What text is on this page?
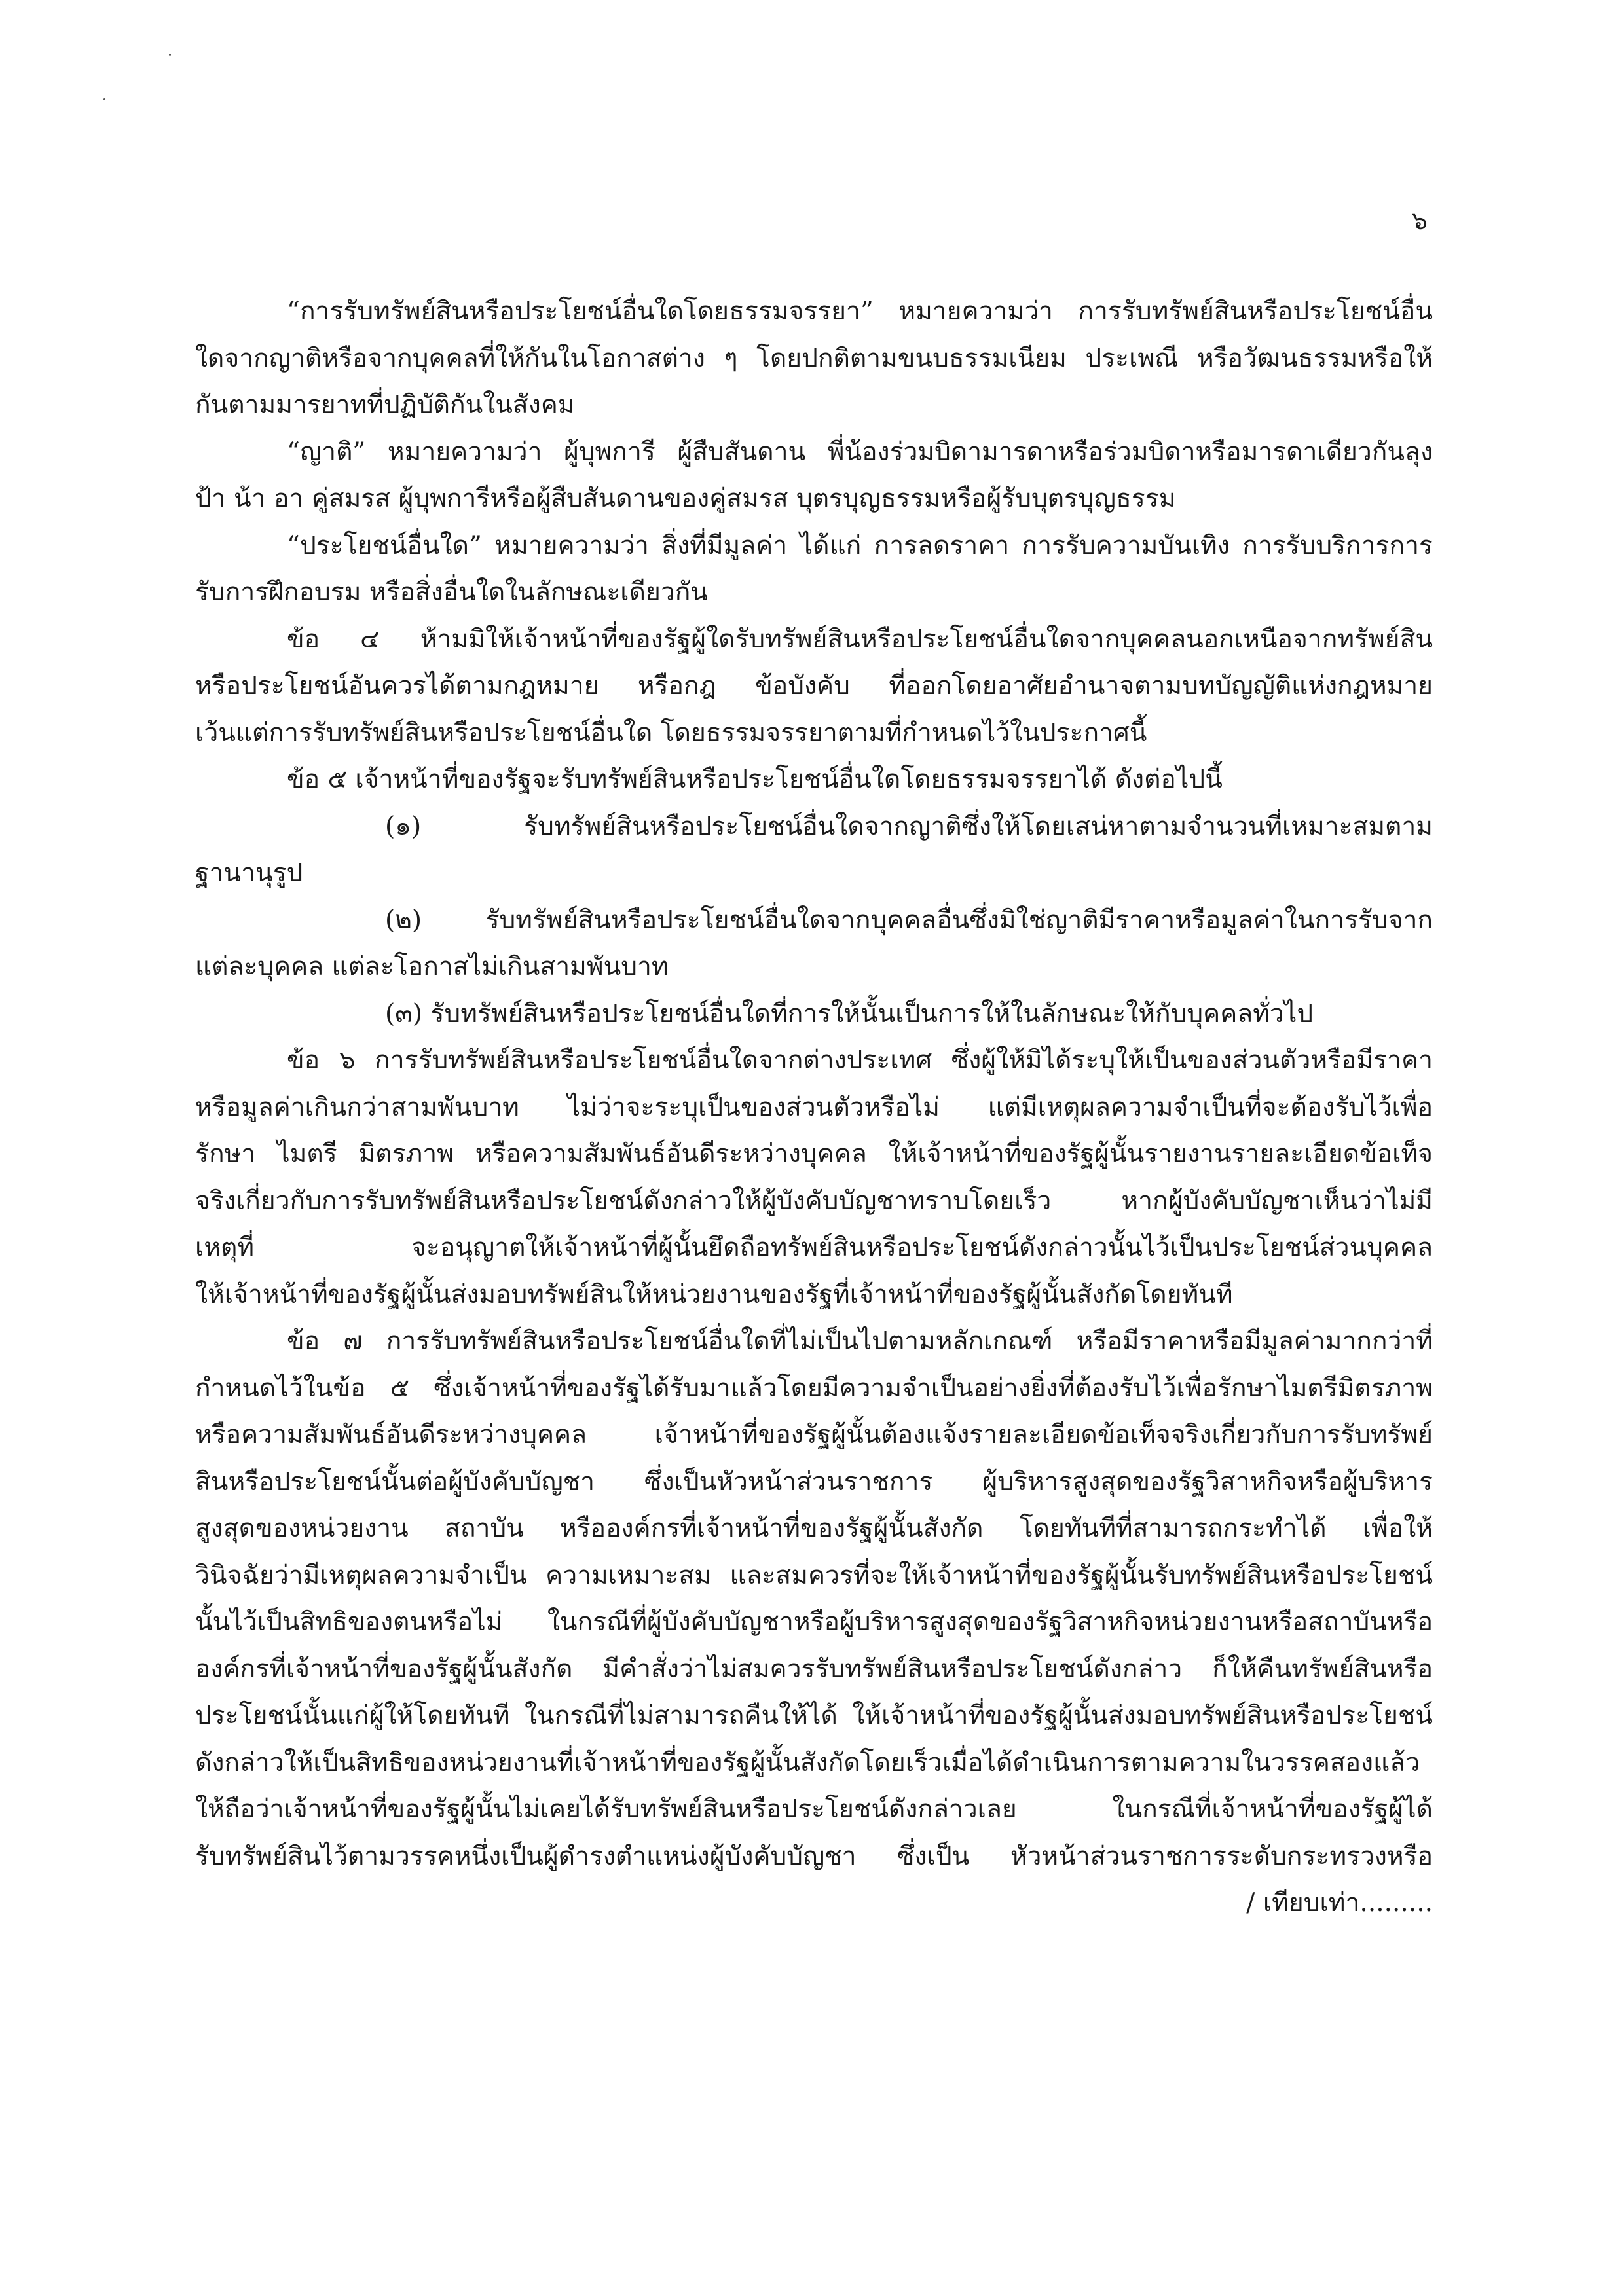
๖
“การรับทรัพย์สินหรือประโยชน์อื่นใดโดยธรรมจรรยา” หมายความว่า การรับทรัพย์สินหรือประโยชน์อื่น
ใดจากญาติหรือจากบุคคลที่ให้กันในโอกาสต่าง ๆ โดยปกติตามขนบธรรมเนียม ประเพณี หรือวัฒนธรรมหรือให้
กันตามมารยาทที่ปฏิบัติกันในสังคม
“ญาติ” หมายความว่า ผู้บุพการี ผู้สืบสันดาน พี่น้องร่วมบิดามารดาหรือร่วมบิดาหรือมารดาเดียวกันลุง
ป้า น้า อา คู่สมรส ผู้บุพการีหรือผู้สืบสันดานของคู่สมรส บุตรบุญธรรมหรือผู้รับบุตรบุญธรรม
“ประโยชน์อื่นใด” หมายความว่า สิ่งที่มีมูลค่า ได้แก่ การลดราคา การรับความบันเทิง การรับบริการการ
รับการฝึกอบรม หรือสิ่งอื่นใดในลักษณะเดียวกัน
ข้อ ๔ ห้ามมิให้เจ้าหน้าที่ของรัฐผู้ใดรับทรัพย์สินหรือประโยชน์อื่นใดจากบุคคลนอกเหนือจากทรัพย์สิน
หรือประโยชน์อันควรได้ตามกฎหมาย หรือกฎ ข้อบังคับ ที่ออกโดยอาศัยอำนาจตามบทบัญญัติแห่งกฎหมาย
เว้นแต่การรับทรัพย์สินหรือประโยชน์อื่นใด โดยธรรมจรรยาตามที่กำหนดไว้ในประกาศนี้
ข้อ ๕ เจ้าหน้าที่ของรัฐจะรับทรัพย์สินหรือประโยชน์อื่นใดโดยธรรมจรรยาได้ ดังต่อไปนี้
(๑) รับทรัพย์สินหรือประโยชน์อื่นใดจากญาติซึ่งให้โดยเสน่หาตามจำนวนที่เหมาะสมตาม
ฐานานุรูป
(๒) รับทรัพย์สินหรือประโยชน์อื่นใดจากบุคคลอื่นซึ่งมิใช่ญาติมีราคาหรือมูลค่าในการรับจาก
แต่ละบุคคล แต่ละโอกาสไม่เกินสามพันบาท
(๓) รับทรัพย์สินหรือประโยชน์อื่นใดที่การให้นั้นเป็นการให้ในลักษณะให้กับบุคคลทั่วไป
ข้อ ๖ การรับทรัพย์สินหรือประโยชน์อื่นใดจากต่างประเทศ ซึ่งผู้ให้มิได้ระบุให้เป็นของส่วนตัวหรือมีราคา
หรือมูลค่าเกินกว่าสามพันบาท ไม่ว่าจะระบุเป็นของส่วนตัวหรือไม่ แต่มีเหตุผลความจำเป็นที่จะต้องรับไว้เพื่อ
รักษา ไมตรี มิตรภาพ หรือความสัมพันธ์อันดีระหว่างบุคคล ให้เจ้าหน้าที่ของรัฐผู้นั้นรายงานรายละเอียดข้อเท็จ
จริงเกี่ยวกับการรับทรัพย์สินหรือประโยชน์ดังกล่าวให้ผู้บังคับบัญชาทราบโดยเร็ว หากผู้บังคับบัญชาเห็นว่าไม่มี
เหตุที่ จะอนุญาตให้เจ้าหน้าที่ผู้นั้นยึดถือทรัพย์สินหรือประโยชน์ดังกล่าวนั้นไว้เป็นประโยชน์ส่วนบุคคล
ให้เจ้าหน้าที่ของรัฐผู้นั้นส่งมอบทรัพย์สินให้หน่วยงานของรัฐที่เจ้าหน้าที่ของรัฐผู้นั้นสังกัดโดยทันที
ข้อ ๗ การรับทรัพย์สินหรือประโยชน์อื่นใดที่ไม่เป็นไปตามหลักเกณฑ์ หรือมีราคาหรือมีมูลค่ามากกว่าที่
กำหนดไว้ในข้อ ๕ ซึ่งเจ้าหน้าที่ของรัฐได้รับมาแล้วโดยมีความจำเป็นอย่างยิ่งที่ต้องรับไว้เพื่อรักษาไมตรีมิตรภาพ
หรือความสัมพันธ์อันดีระหว่างบุคคล เจ้าหน้าที่ของรัฐผู้นั้นต้องแจ้งรายละเอียดข้อเท็จจริงเกี่ยวกับการรับทรัพย์
สินหรือประโยชน์นั้นต่อผู้บังคับบัญชา ซึ่งเป็นหัวหน้าส่วนราชการ ผู้บริหารสูงสุดของรัฐวิสาหกิจหรือผู้บริหาร
สูงสุดของหน่วยงาน สถาบัน หรือองค์กรที่เจ้าหน้าที่ของรัฐผู้นั้นสังกัด โดยทันทีที่สามารถกระทำได้ เพื่อให้
วินิจฉัยว่ามีเหตุผลความจำเป็น ความเหมาะสม และสมควรที่จะให้เจ้าหน้าที่ของรัฐผู้นั้นรับทรัพย์สินหรือประโยชน์
นั้นไว้เป็นสิทธิของตนหรือไม่ ในกรณีที่ผู้บังคับบัญชาหรือผู้บริหารสูงสุดของรัฐวิสาหกิจหน่วยงานหรือสถาบันหรือ
องค์กรที่เจ้าหน้าที่ของรัฐผู้นั้นสังกัด มีคำสั่งว่าไม่สมควรรับทรัพย์สินหรือประโยชน์ดังกล่าว ก็ให้คืนทรัพย์สินหรือ
ประโยชน์นั้นแก่ผู้ให้โดยทันที ในกรณีที่ไม่สามารถคืนให้ได้ ให้เจ้าหน้าที่ของรัฐผู้นั้นส่งมอบทรัพย์สินหรือประโยชน์
ดังกล่าวให้เป็นสิทธิของหน่วยงานที่เจ้าหน้าที่ของรัฐผู้นั้นสังกัดโดยเร็วเมื่อได้ดำเนินการตามความในวรรคสองแล้ว
ให้ถือว่าเจ้าหน้าที่ของรัฐผู้นั้นไม่เคยได้รับทรัพย์สินหรือประโยชน์ดังกล่าวเลย ในกรณีที่เจ้าหน้าที่ของรัฐผู้ได้
รับทรัพย์สินไว้ตามวรรคหนึ่งเป็นผู้ดำรงตำแหน่งผู้บังคับบัญชา ซึ่งเป็น หัวหน้าส่วนราชการระดับกระทรวงหรือ
/ เทียบเท่า.........
